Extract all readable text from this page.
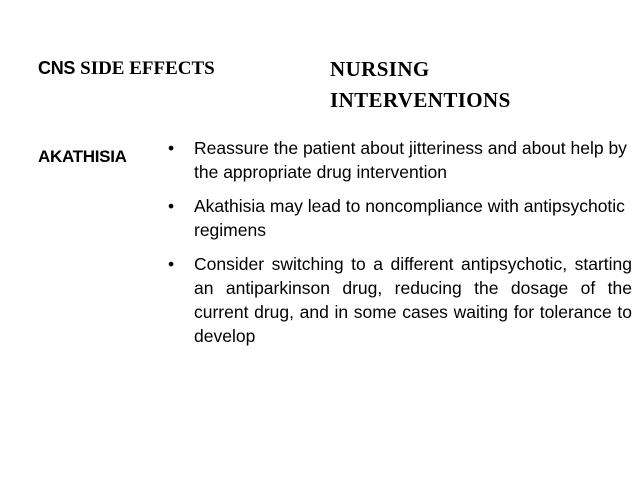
CNS SIDE EFFECTS	NURSING
INTERVENTIONS
AKATHISIA • Reassure the patient about jitteriness and about help by the appropriate drug intervention
• Akathisia may lead to noncompliance with antipsychotic regimens
• Consider switching to a different antipsychotic, starting an antiparkinson drug, reducing the dosage of the current drug, and in some cases waiting for tolerance to develop
